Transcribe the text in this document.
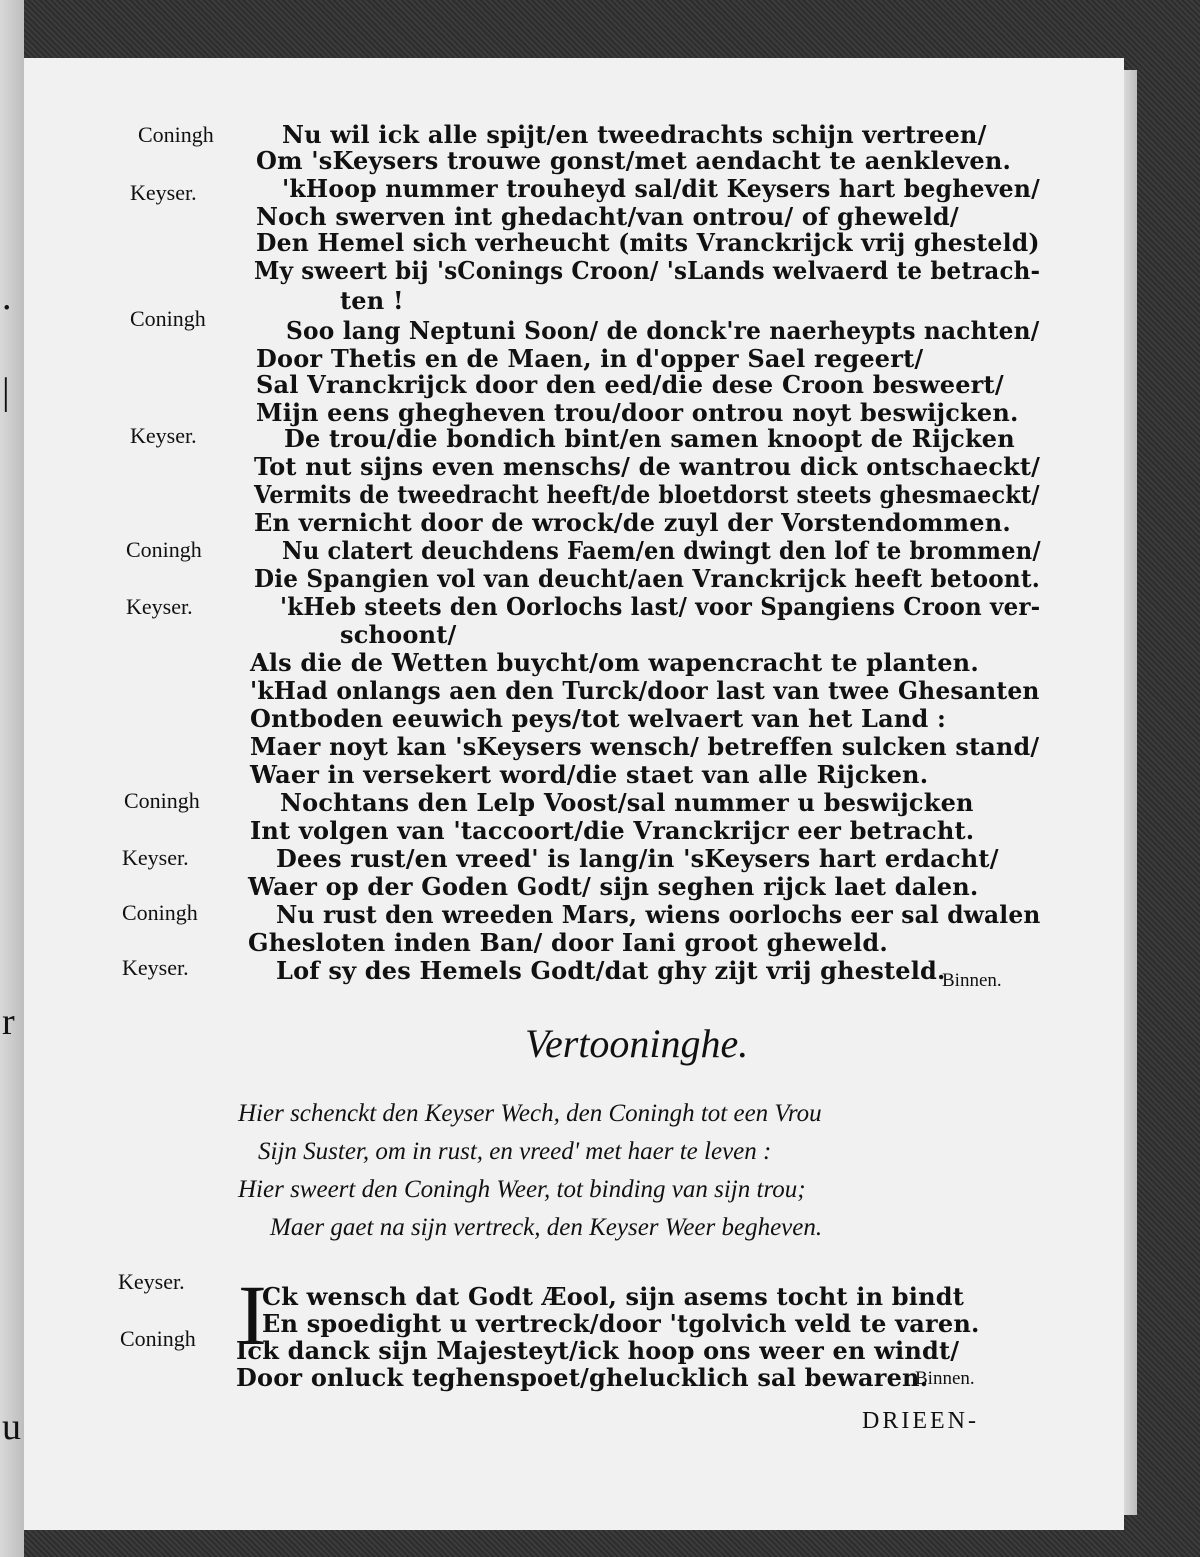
.
|
r
u
Coningh
Keyser.
Coningh
Keyser.
Coningh
Keyser.
Coningh
Keyser.
Coningh
Keyser.
Keyser.
Coningh
Nu wil ick alle spijt/en tweedrachts schijn vertreen/
Om 'sKeysers trouwe gonst/met aendacht te aenkleven.
'kHoop nummer trouheyd sal/dit Keysers hart begheven/
Noch swerven int ghedacht/van ontrou/ of gheweld/
Den Hemel sich verheucht (mits Vranckrijck vrij ghesteld)
My sweert bij 'sConings Croon/ 'sLands welvaerd te betrach-
ten !
Soo lang Neptuni Soon/ de donck're naerheypts nachten/
Door Thetis en de Maen, in d'opper Sael regeert/
Sal Vranckrijck door den eed/die dese Croon besweert/
Mijn eens ghegheven trou/door ontrou noyt beswijcken.
De trou/die bondich bint/en samen knoopt de Rijcken
Tot nut sijns even menschs/ de wantrou dick ontschaeckt/
Vermits de tweedracht heeft/de bloetdorst steets ghesmaeckt/
En vernicht door de wrock/de zuyl der Vorstendommen.
Nu clatert deuchdens Faem/en dwingt den lof te brommen/
Die Spangien vol van deucht/aen Vranckrijck heeft betoont.
'kHeb steets den Oorlochs last/ voor Spangiens Croon ver-
schoont/
Als die de Wetten buycht/om wapencracht te planten.
'kHad onlangs aen den Turck/door last van twee Ghesanten
Ontboden eeuwich peys/tot welvaert van het Land :
Maer noyt kan 'sKeysers wensch/ betreffen sulcken stand/
Waer in versekert word/die staet van alle Rijcken.
Nochtans den Lelp Voost/sal nummer u beswijcken
Int volgen van 'taccoort/die Vranckrijcr eer betracht.
Dees rust/en vreed' is lang/in 'sKeysers hart erdacht/
Waer op der Goden Godt/ sijn seghen rijck laet dalen.
Nu rust den wreeden Mars, wiens oorlochs eer sal dwalen
Ghesloten inden Ban/ door Iani groot gheweld.
Lof sy des Hemels Godt/dat ghy zijt vrij ghesteld.
Binnen.
Vertooninghe.
Hier schenckt den Keyser Wech, den Coningh tot een Vrou
Sijn Suster, om in rust, en vreed' met haer te leven :
Hier sweert den Coningh Weer, tot binding van sijn trou;
Maer gaet na sijn vertreck, den Keyser Weer begheven.
I
Ck wensch dat Godt Æool, sijn asems tocht in bindt
En spoedight u vertreck/door 'tgolvich veld te varen.
Ick danck sijn Majesteyt/ick hoop ons weer en windt/
Door onluck teghenspoet/ghelucklich sal bewaren.
Binnen.
DRIEEN-
